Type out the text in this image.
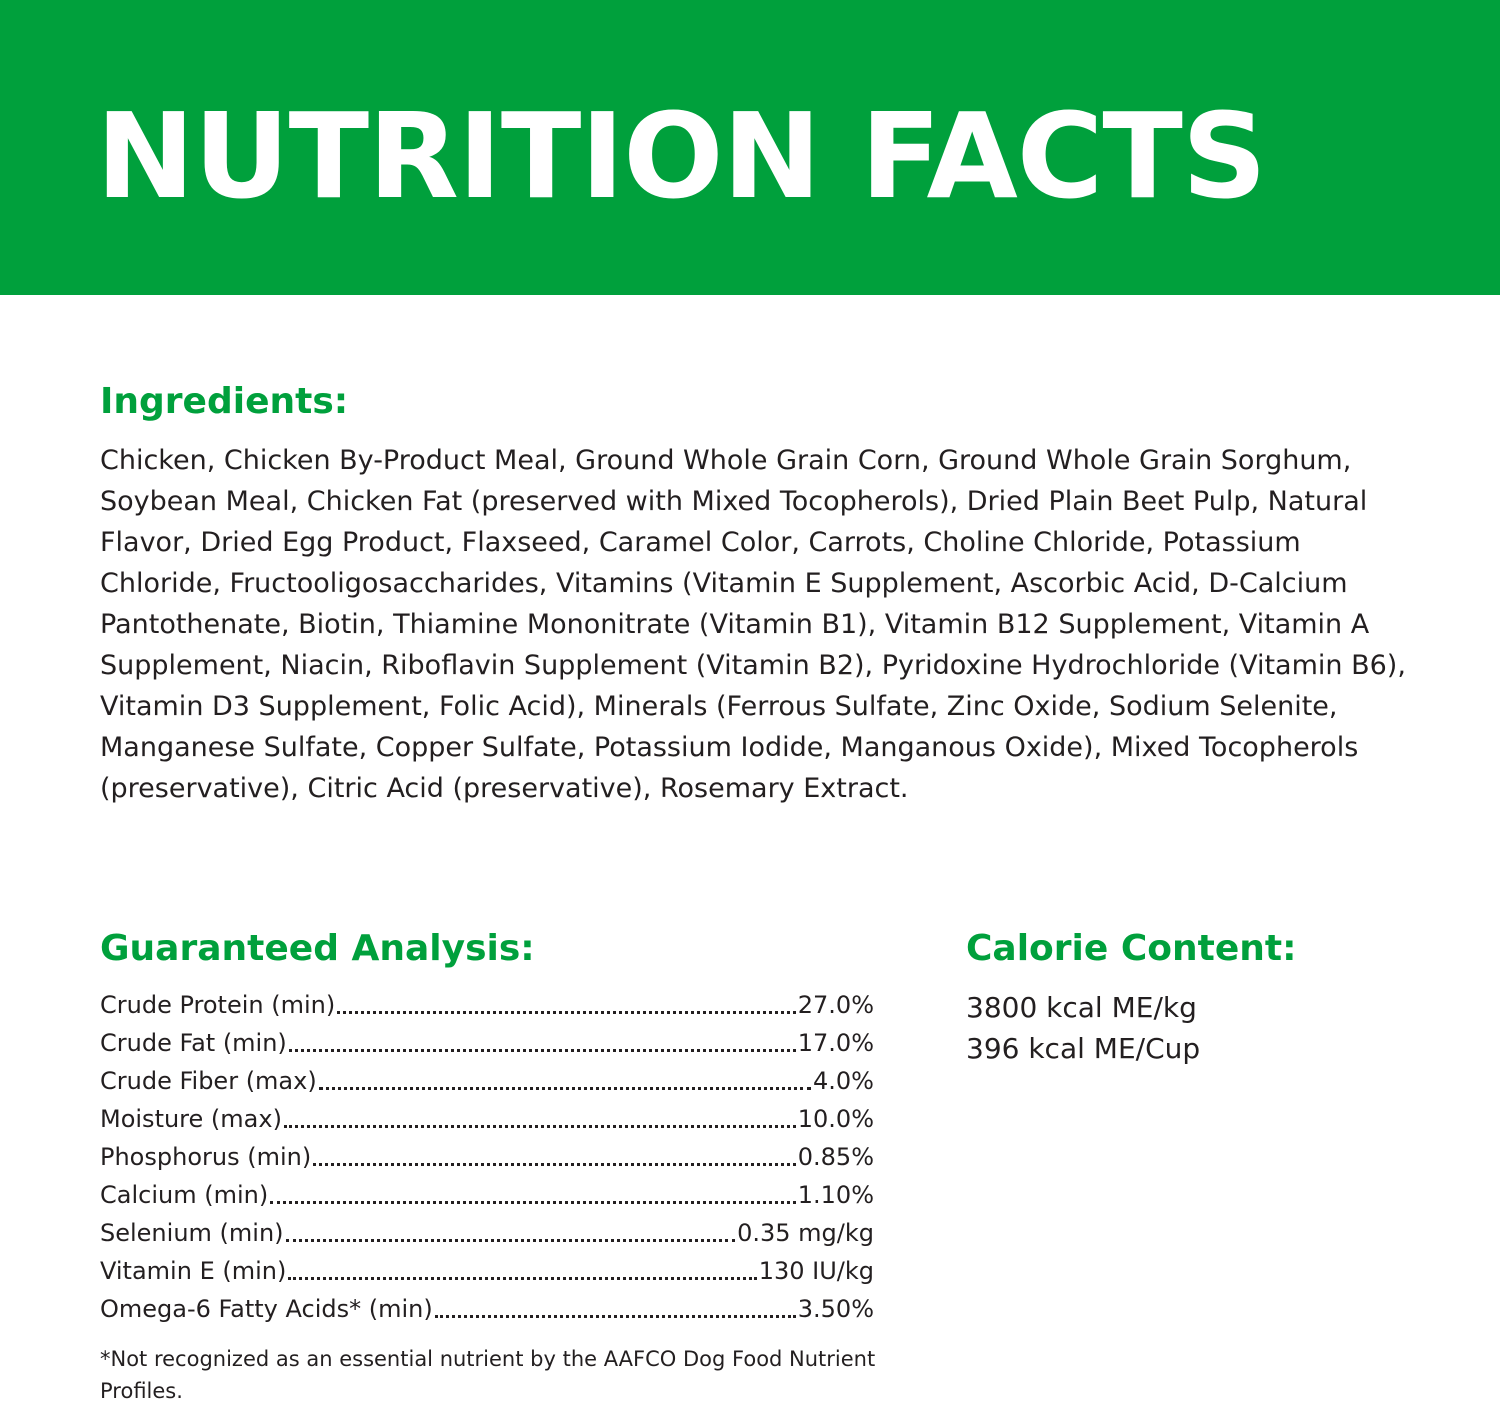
NUTRITION FACTS
Ingredients:

Chicken, Chicken By-Product Meal, Ground Whole Grain Corn, Ground Whole Grain Sorghum, Soybean Meal, Chicken Fat (preserved with Mixed Tocopherols), Dried Plain Beet Pulp, Natural Flavor, Dried Egg Product, Flaxseed, Caramel Color, Carrots, Choline Chloride, Potassium Chloride, Fructooligosaccharides, Vitamins (Vitamin E Supplement, Ascorbic Acid, D-Calcium Pantothenate, Biotin, Thiamine Mononitrate (Vitamin B1), Vitamin B12 Supplement, Vitamin A Supplement, Niacin, Riboflavin Supplement (Vitamin B2), Pyridoxine Hydrochloride (Vitamin B6), Vitamin D3 Supplement, Folic Acid), Minerals (Ferrous Sulfate, Zinc Oxide, Sodium Selenite, Manganese Sulfate, Copper Sulfate, Potassium Iodide, Manganous Oxide), Mixed Tocopherols (preservative), Citric Acid (preservative), Rosemary Extract.

Guaranteed Analysis:
Crude Protein (min)	27.0%
Crude Fat (min)	17.0%
Crude Fiber (max)	4.0%
Moisture (max)	10.0%
Phosphorus (min)	0.85%
Calcium (min)	1.10%
Selenium (min)	0.35 mg/kg
Vitamin E (min)	130 IU/kg
Omega-6 Fatty Acids* (min)	3.50%

*Not recognized as an essential nutrient by the AAFCO Dog Food Nutrient Profiles.

Calorie Content:
3800 kcal ME/kg
396 kcal ME/Cup
